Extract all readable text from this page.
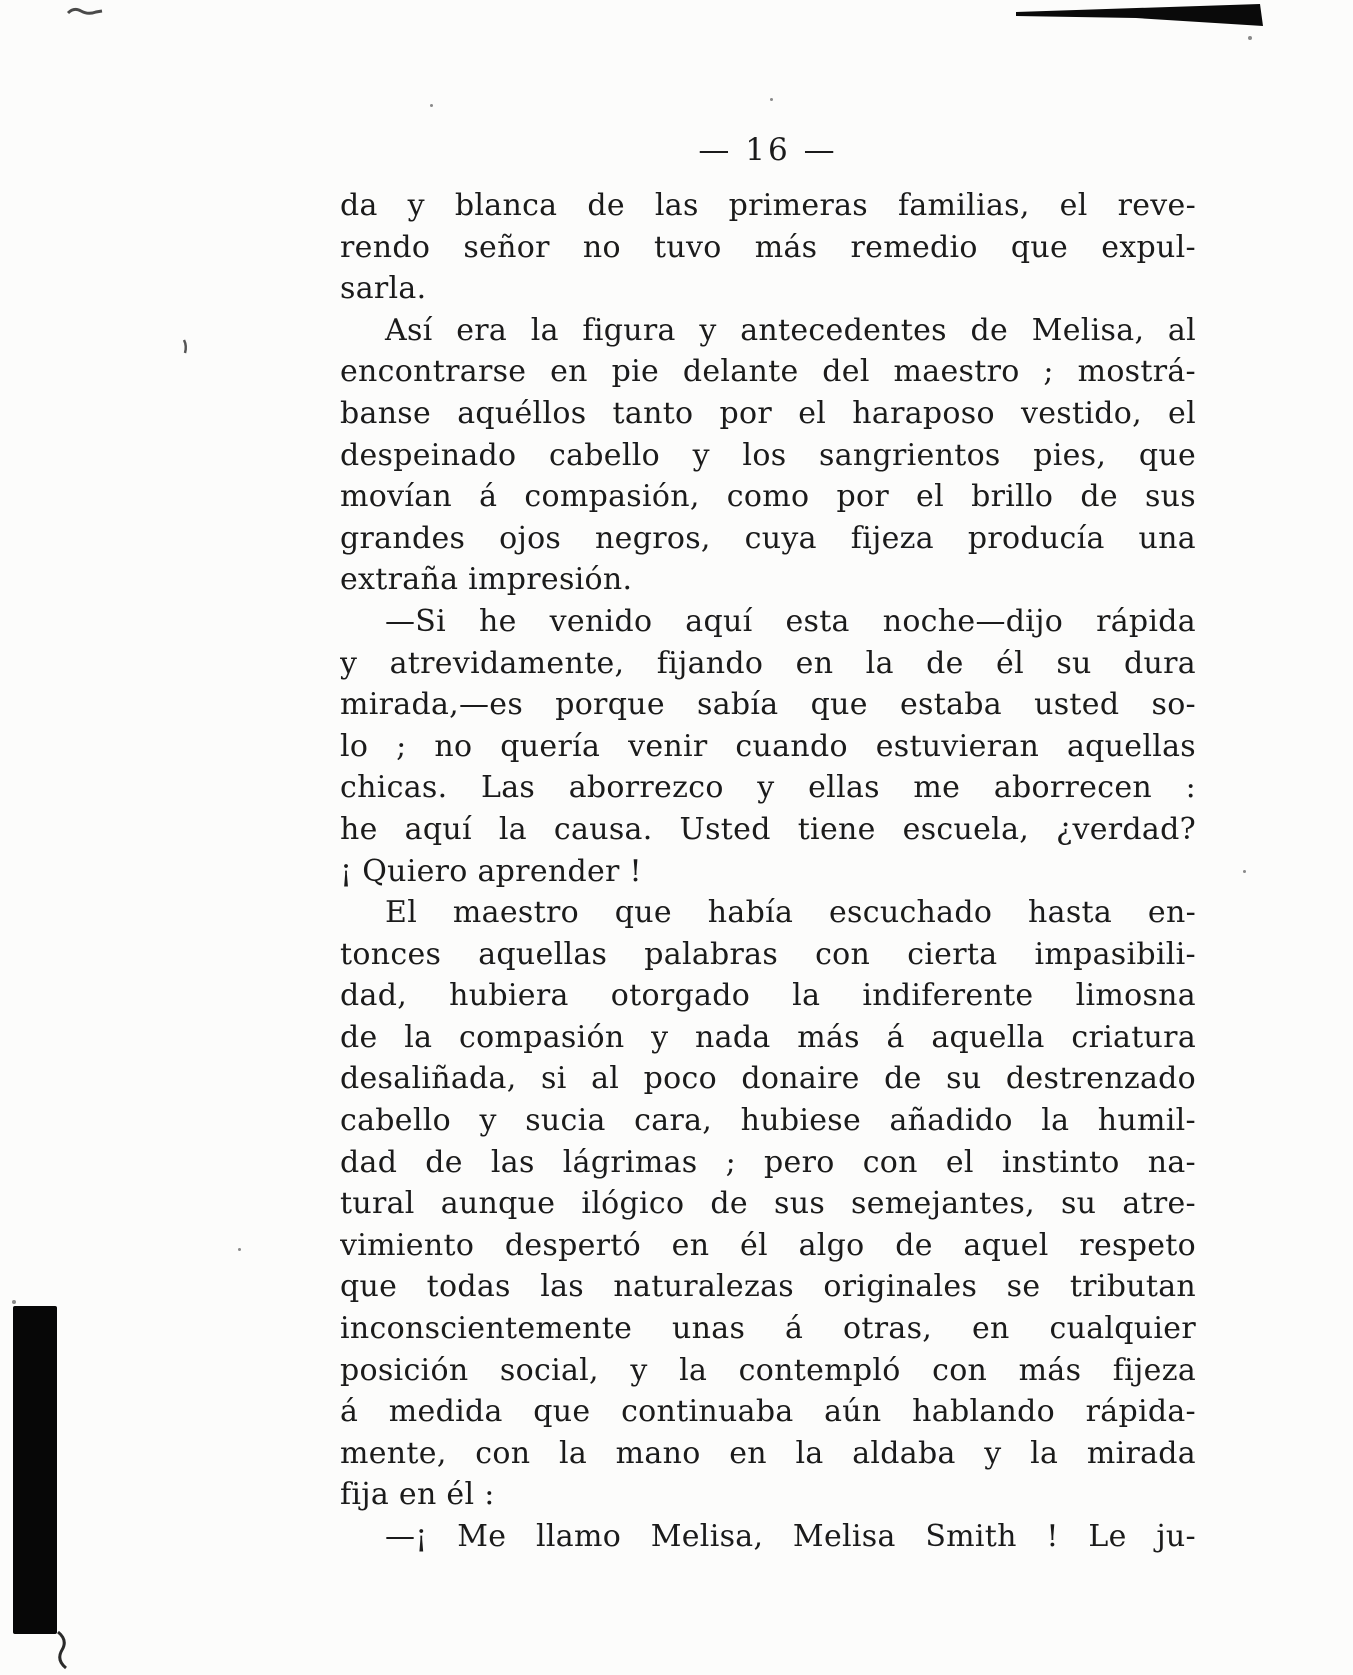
— 16 —
da y blanca de las primeras familias, el reve-
rendo señor no tuvo más remedio que expul-
sarla.
Así era la figura y antecedentes de Melisa, al
encontrarse en pie delante del maestro ; mostrá-
banse aquéllos tanto por el haraposo vestido, el
despeinado cabello y los sangrientos pies, que
movían á compasión, como por el brillo de sus
grandes ojos negros, cuya fijeza producía una
extraña impresión.
—Si he venido aquí esta noche—dijo rápida
y atrevidamente, fijando en la de él su dura
mirada,—es porque sabía que estaba usted so-
lo ; no quería venir cuando estuvieran aquellas
chicas. Las aborrezco y ellas me aborrecen :
he aquí la causa. Usted tiene escuela, ¿verdad?
¡ Quiero aprender !
El maestro que había escuchado hasta en-
tonces aquellas palabras con cierta impasibili-
dad, hubiera otorgado la indiferente limosna
de la compasión y nada más á aquella criatura
desaliñada, si al poco donaire de su destrenzado
cabello y sucia cara, hubiese añadido la humil-
dad de las lágrimas ; pero con el instinto na-
tural aunque ilógico de sus semejantes, su atre-
vimiento despertó en él algo de aquel respeto
que todas las naturalezas originales se tributan
inconscientemente unas á otras, en cualquier
posición social, y la contempló con más fijeza
á medida que continuaba aún hablando rápida-
mente, con la mano en la aldaba y la mirada
fija en él :
—¡ Me llamo Melisa, Melisa Smith ! Le ju-
